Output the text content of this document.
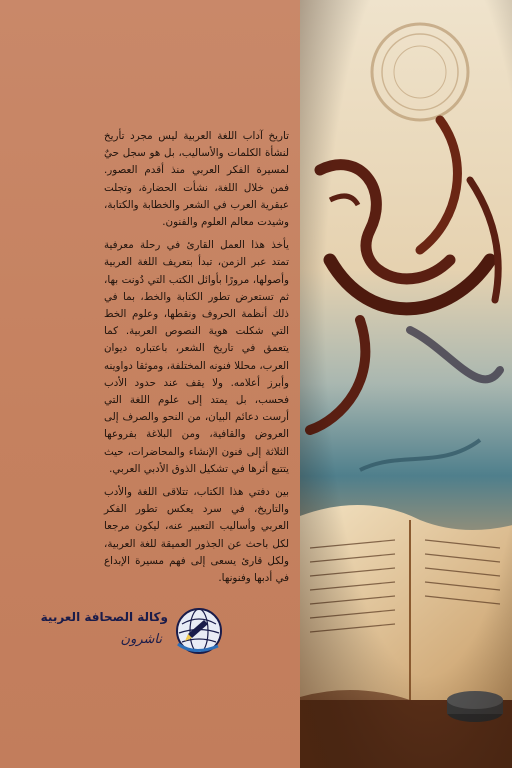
تاريخ آداب اللغة العربية ليس مجرد تأريخ لنشأة الكلمات والأساليب، بل هو سجل حيٌ لمسيرة الفكر العربي منذ أقدم العصور. فمن خلال اللغة، نشأت الحضارة، وتجلت عبقرية العرب في الشعر والخطابة والكتابة، وشيدت معالم العلوم والفنون.

يأخذ هذا العمل القارئ في رحلة معرفية تمتد عبر الزمن، تبدأ بتعريف اللغة العربية وأصولها، مرورًا بأوائل الكتب التي دُونت بها، ثم تستعرض تطور الكتابة والخط، بما في ذلك أنظمة الحروف ونقطها، وعلوم الخط التي شكلت هوية النصوص العربية. كما يتعمق في تاريخ الشعر، باعتباره ديوان العرب، محللا فنونه المختلفة، وموثقا دواوينه وأبرز أعلامه. ولا يقف عند حدود الأدب فحسب، بل يمتد إلى علوم اللغة التي أرست دعائم البيان، من النحو والصرف إلى العروض والقافية، ومن البلاغة بفروعها الثلاثة إلى فنون الإنشاء والمحاضرات، حيث يتتبع أثرها في تشكيل الذوق الأدبي العربي.

بين دفتي هذا الكتاب، تتلاقى اللغة والأدب والتاريخ، في سرد يعكس تطور الفكر العربي وأساليب التعبير عنه، ليكون مرجعا لكل باحث عن الجذور العميقة للغة العربية، ولكل قارئ يسعى إلى فهم مسيرة الإبداع في أدبها وفنونها.

وكالة الصحافة العربية
ناشرون
